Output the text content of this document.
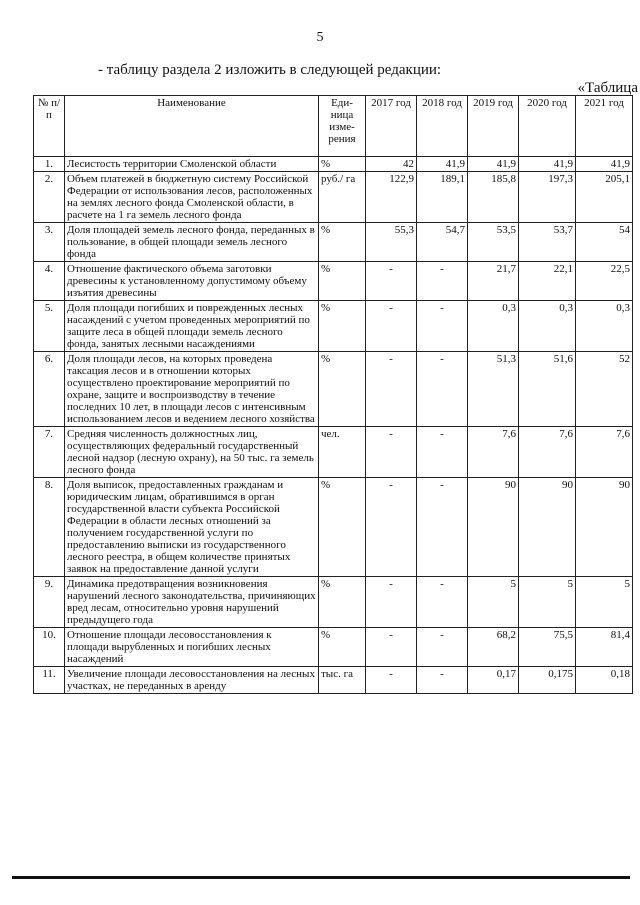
5
- таблицу раздела 2 изложить в следующей редакции:
«Таблица
№ п/п	Наименование	Еди-ница изме-рения	2017 год	2018 год	2019 год	2020 год	2021 год
1.	Лесистость территории Смоленской области	%	42	41,9	41,9	41,9	41,9
2.	Объем платежей в бюджетную систему Российской Федерации от использования лесов, расположенных на землях лесного фонда Смоленской области, в расчете на 1 га земель лесного фонда	руб./ га	122,9	189,1	185,8	197,3	205,1
3.	Доля площадей земель лесного фонда, переданных в пользование, в общей площади земель лесного фонда	%	55,3	54,7	53,5	53,7	54
4.	Отношение фактического объема заготовки древесины к установленному допустимому объему изъятия древесины	%	-	-	21,7	22,1	22,5
5.	Доля площади погибших и поврежденных лесных насаждений с учетом проведенных мероприятий по защите леса в общей площади земель лесного фонда, занятых лесными насаждениями	%	-	-	0,3	0,3	0,3
6.	Доля площади лесов, на которых проведена таксация лесов и в отношении которых осуществлено проектирование мероприятий по охране, защите и воспроизводству в течение последних 10 лет, в площади лесов с интенсивным использованием лесов и ведением лесного хозяйства	%	-	-	51,3	51,6	52
7.	Средняя численность должностных лиц, осуществляющих федеральный государственный лесной надзор (лесную охрану), на 50 тыс. га земель лесного фонда	чел.	-	-	7,6	7,6	7,6
8.	Доля выписок, предоставленных гражданам и юридическим лицам, обратившимся в орган государственной власти субъекта Российской Федерации в области лесных отношений за получением государственной услуги по предоставлению выписки из государственного лесного реестра, в общем количестве принятых заявок на предоставление данной услуги	%	-	-	90	90	90
9.	Динамика предотвращения возникновения нарушений лесного законодательства, причиняющих вред лесам, относительно уровня нарушений предыдущего года	%	-	-	5	5	5
10.	Отношение площади лесовосстановления к площади вырубленных и погибших лесных насаждений	%	-	-	68,2	75,5	81,4
11.	Увеличение площади лесовосстановления на лесных участках, не переданных в аренду	тыс. га	-	-	0,17	0,175	0,18
